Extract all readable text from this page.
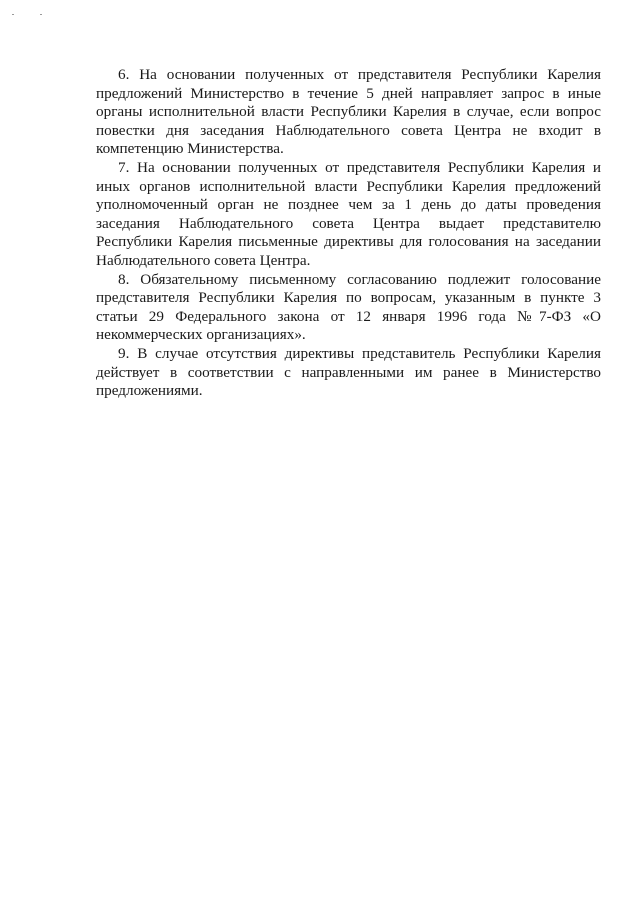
6. На основании полученных от представителя Республики Карелия предложений Министерство в течение 5 дней направляет запрос в иные органы исполнительной власти Республики Карелия в случае, если вопрос повестки дня заседания Наблюдательного совета Центра не входит в компетенцию Министерства.

7. На основании полученных от представителя Республики Карелия и иных органов исполнительной власти Республики Карелия предложений уполномоченный орган не позднее чем за 1 день до даты проведения заседания Наблюдательного совета Центра выдает представителю Республики Карелия письменные директивы для голосования на заседании Наблюдательного совета Центра.

8. Обязательному письменному согласованию подлежит голосование представителя Республики Карелия по вопросам, указанным в пункте 3 статьи 29 Федерального закона от 12 января 1996 года №7-ФЗ «О некоммерческих организациях».

9. В случае отсутствия директивы представитель Республики Карелия действует в соответствии с направленными им ранее в Министерство предложениями.
